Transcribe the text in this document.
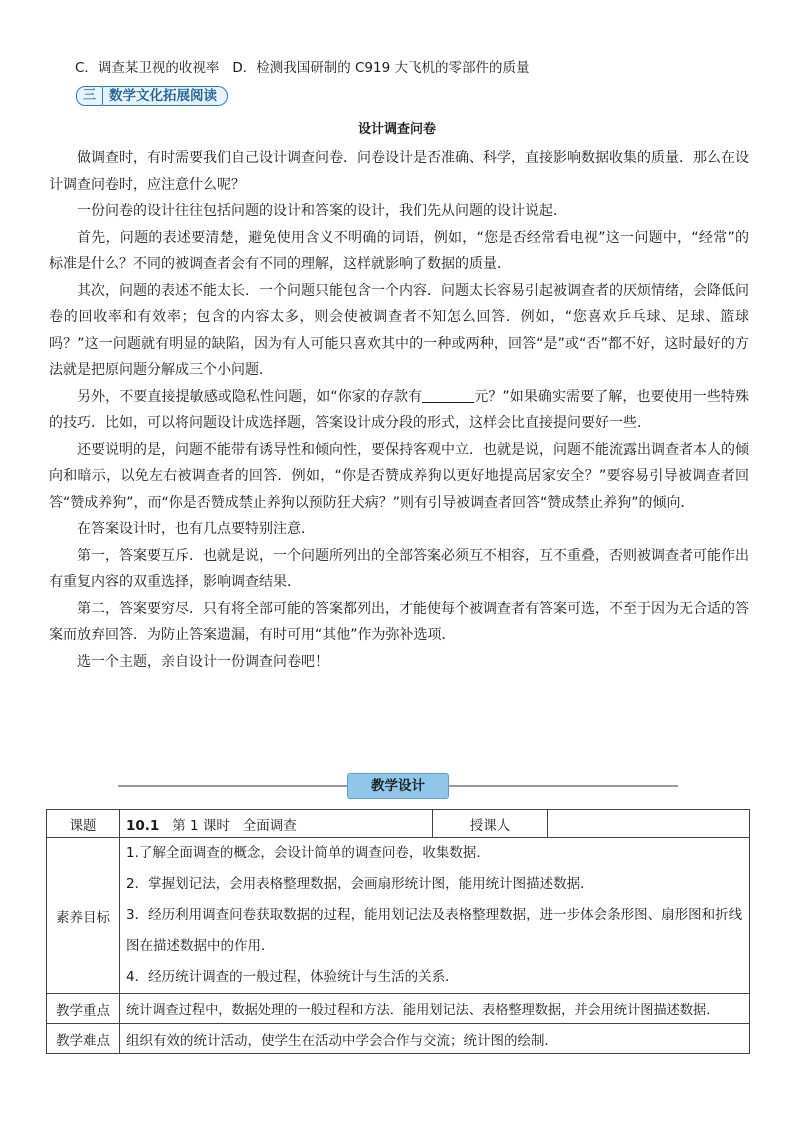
C．调查某卫视的收视率 D．检测我国研制的 C919 大飞机的零部件的质量
三 数学文化拓展阅读
设计调查问卷

做调查时，有时需要我们自己设计调查问卷．问卷设计是否准确、科学，直接影响数据收集的质量．那么在设计调查问卷时，应注意什么呢？

一份问卷的设计往往包括问题的设计和答案的设计，我们先从问题的设计说起．

首先，问题的表述要清楚，避免使用含义不明确的词语，例如，“您是否经常看电视”这一问题中，“经常”的标准是什么？不同的被调查者会有不同的理解，这样就影响了数据的质量．

其次，问题的表述不能太长．一个问题只能包含一个内容．问题太长容易引起被调查者的厌烦情绪，会降低问卷的回收率和有效率；包含的内容太多，则会使被调查者不知怎么回答．例如，“您喜欢乒乓球、足球、篮球吗？”这一问题就有明显的缺陷，因为有人可能只喜欢其中的一种或两种，回答“是”或“否”都不好，这时最好的方法就是把原问题分解成三个小问题．

另外，不要直接提敏感或隐私性问题，如“你家的存款有	元？”如果确实需要了解，也要使用一些特殊的技巧．比如，可以将问题设计成选择题，答案设计成分段的形式，这样会比直接提问要好一些．

还要说明的是，问题不能带有诱导性和倾向性，要保持客观中立．也就是说，问题不能流露出调查者本人的倾向和暗示，以免左右被调查者的回答．例如，“你是否赞成养狗以更好地提高居家安全？”要容易引导被调查者回答“赞成养狗”，而“你是否赞成禁止养狗以预防狂犬病？”则有引导被调查者回答“赞成禁止养狗”的倾向．

在答案设计时，也有几点要特别注意．

第一，答案要互斥．也就是说，一个问题所列出的全部答案必须互不相容，互不重叠，否则被调查者可能作出有重复内容的双重选择，影响调查结果．

第二，答案要穷尽．只有将全部可能的答案都列出，才能使每个被调查者有答案可选，不至于因为无合适的答案而放弃回答．为防止答案遗漏，有时可用“其他”作为弥补选项．

选一个主题，亲自设计一份调查问卷吧！

教学设计
课题	10.1 第 1 课时 全面调查	授课人	
素养目标	1.了解全面调查的概念，会设计简单的调查问卷，收集数据．
2．掌握划记法，会用表格整理数据，会画扇形统计图，能用统计图描述数据．
3．经历利用调查问卷获取数据的过程，能用划记法及表格整理数据，进一步体会条形图、扇形图和折线图在描述数据中的作用．
4．经历统计调查的一般过程，体验统计与生活的关系．		

教学重点	统计调查过程中，数据处理的一般过程和方法．能用划记法、表格整理数据，并会用统计图描述数据．		
教学难点	组织有效的统计活动，使学生在活动中学会合作与交流；统计图的绘制．		
